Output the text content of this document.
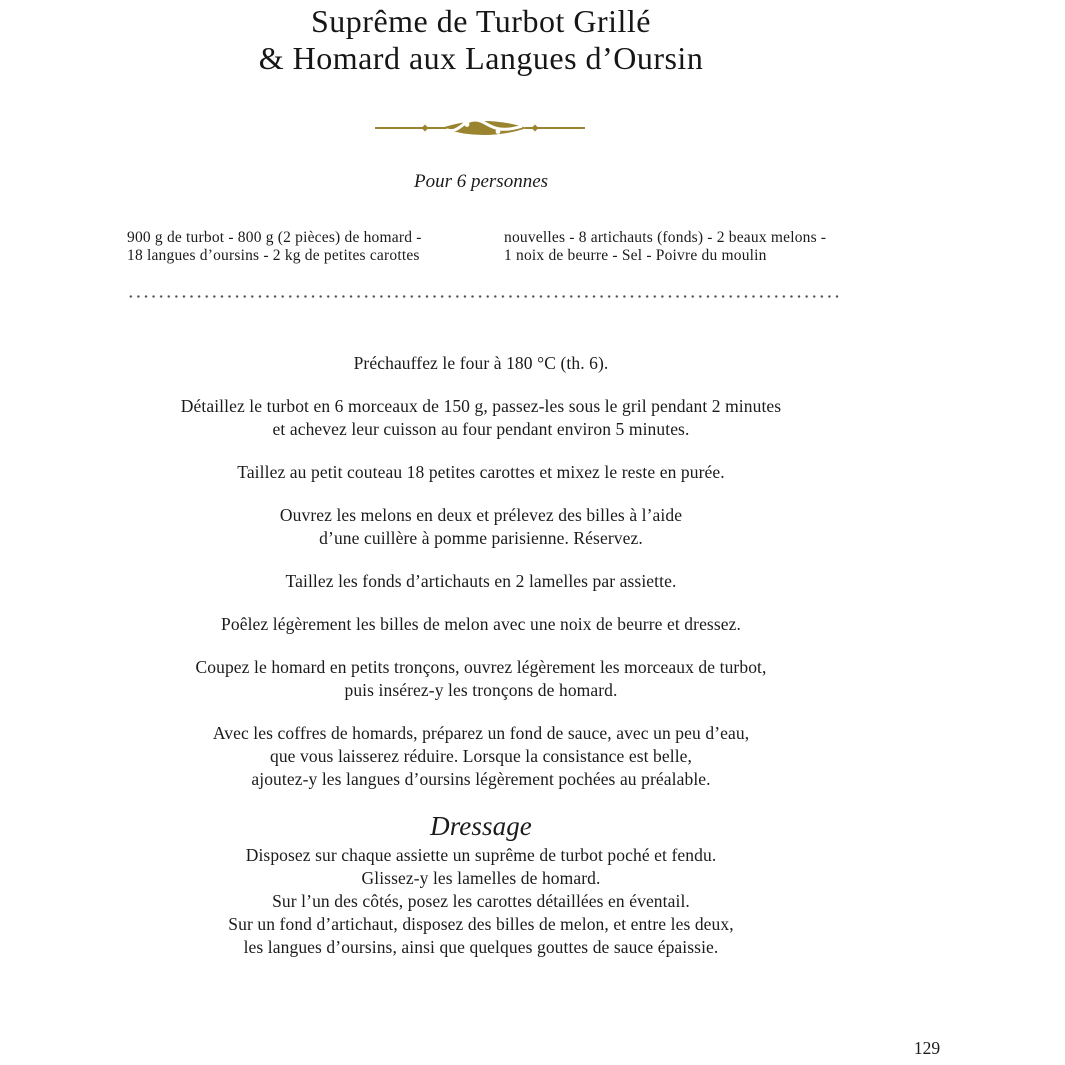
Suprême de Turbot Grillé
& Homard aux Langues d’Oursin
Pour 6 personnes
900 g de turbot - 800 g (2 pièces) de homard -
18 langues d’oursins - 2 kg de petites carottes
nouvelles - 8 artichauts (fonds) - 2 beaux melons -
1 noix de beurre - Sel - Poivre du moulin
Préchauffez le four à 180 °C (th. 6).
Détaillez le turbot en 6 morceaux de 150 g, passez-les sous le gril pendant 2 minutes
et achevez leur cuisson au four pendant environ 5 minutes.
Taillez au petit couteau 18 petites carottes et mixez le reste en purée.
Ouvrez les melons en deux et prélevez des billes à l’aide
d’une cuillère à pomme parisienne. Réservez.
Taillez les fonds d’artichauts en 2 lamelles par assiette.
Poêlez légèrement les billes de melon avec une noix de beurre et dressez.
Coupez le homard en petits tronçons, ouvrez légèrement les morceaux de turbot,
puis insérez-y les tronçons de homard.
Avec les coffres de homards, préparez un fond de sauce, avec un peu d’eau,
que vous laisserez réduire. Lorsque la consistance est belle,
ajoutez-y les langues d’oursins légèrement pochées au préalable.
Dressage
Disposez sur chaque assiette un suprême de turbot poché et fendu.
Glissez-y les lamelles de homard.
Sur l’un des côtés, posez les carottes détaillées en éventail.
Sur un fond d’artichaut, disposez des billes de melon, et entre les deux,
les langues d’oursins, ainsi que quelques gouttes de sauce épaissie.
129
